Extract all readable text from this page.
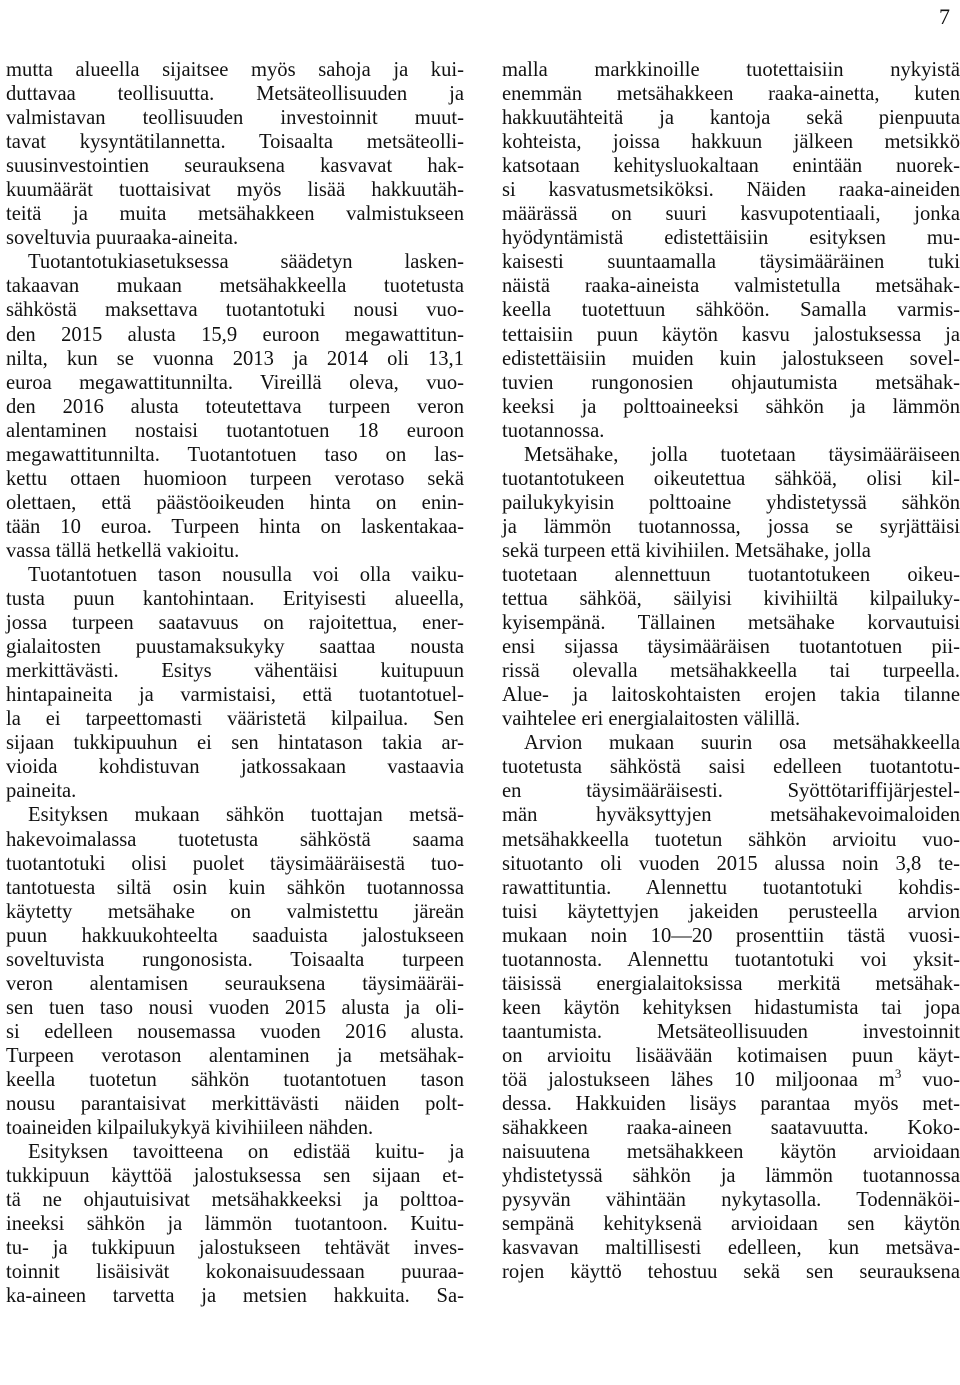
7
mutta alueella sijaitsee myös sahoja ja kui-
duttavaa teollisuutta. Metsäteollisuuden ja
valmistavan teollisuuden investoinnit muut-
tavat kysyntätilannetta. Toisaalta metsäteolli-
suusinvestointien seurauksena kasvavat hak-
kuumäärät tuottaisivat myös lisää hakkuutäh-
teitä ja muita metsähakkeen valmistukseen
soveltuvia puuraaka-aineita.
Tuotantotukiasetuksessa säädetyn lasken-
takaavan mukaan metsähakkeella tuotetusta
sähköstä maksettava tuotantotuki nousi vuo-
den 2015 alusta 15,9 euroon megawattitun-
nilta, kun se vuonna 2013 ja 2014 oli 13,1
euroa megawattitunnilta. Vireillä oleva, vuo-
den 2016 alusta toteutettava turpeen veron
alentaminen nostaisi tuotantotuen 18 euroon
megawattitunnilta. Tuotantotuen taso on las-
kettu ottaen huomioon turpeen verotaso sekä
olettaen, että päästöoikeuden hinta on enin-
tään 10 euroa. Turpeen hinta on laskentakaa-
vassa tällä hetkellä vakioitu.
Tuotantotuen tason nousulla voi olla vaiku-
tusta puun kantohintaan. Erityisesti alueella,
jossa turpeen saatavuus on rajoitettua, ener-
gialaitosten puustamaksukyky saattaa nousta
merkittävästi. Esitys vähentäisi kuitupuun
hintapaineita ja varmistaisi, että tuotantotuel-
la ei tarpeettomasti vääristetä kilpailua. Sen
sijaan tukkipuuhun ei sen hintatason takia ar-
vioida kohdistuvan jatkossakaan vastaavia
paineita.
Esityksen mukaan sähkön tuottajan metsä-
hakevoimalassa tuotetusta sähköstä saama
tuotantotuki olisi puolet täysimääräisestä tuo-
tantotuesta siltä osin kuin sähkön tuotannossa
käytetty metsähake on valmistettu järeän
puun hakkuukohteelta saaduista jalostukseen
soveltuvista rungonosista. Toisaalta turpeen
veron alentamisen seurauksena täysimääräi-
sen tuen taso nousi vuoden 2015 alusta ja oli-
si edelleen nousemassa vuoden 2016 alusta.
Turpeen verotason alentaminen ja metsähak-
keella tuotetun sähkön tuotantotuen tason
nousu parantaisivat merkittävästi näiden polt-
toaineiden kilpailukykyä kivihiileen nähden.
Esityksen tavoitteena on edistää kuitu- ja
tukkipuun käyttöä jalostuksessa sen sijaan et-
tä ne ohjautuisivat metsähakkeeksi ja polttoa-
ineeksi sähkön ja lämmön tuotantoon. Kuitu-
tu- ja tukkipuun jalostukseen tehtävät inves-
toinnit lisäisivät kokonaisuudessaan puuraa-
ka-aineen tarvetta ja metsien hakkuita. Sa-
malla markkinoille tuotettaisiin nykyistä
enemmän metsähakkeen raaka-ainetta, kuten
hakkuutähteitä ja kantoja sekä pienpuuta
kohteista, joissa hakkuun jälkeen metsikkö
katsotaan kehitysluokaltaan enintään nuorek-
si kasvatusmetsiköksi. Näiden raaka-aineiden
määrässä on suuri kasvupotentiaali, jonka
hyödyntämistä edistettäisiin esityksen mu-
kaisesti suuntaamalla täysimääräinen tuki
näistä raaka-aineista valmistetulla metsähak-
keella tuotettuun sähköön. Samalla varmis-
tettaisiin puun käytön kasvu jalostuksessa ja
edistettäisiin muiden kuin jalostukseen sovel-
tuvien rungonosien ohjautumista metsähak-
keeksi ja polttoaineeksi sähkön ja lämmön
tuotannossa.
Metsähake, jolla tuotetaan täysimääräiseen
tuotantotukeen oikeutettua sähköä, olisi kil-
pailukykyisin polttoaine yhdistetyssä sähkön
ja lämmön tuotannossa, jossa se syrjättäisi
sekä turpeen että kivihiilen. Metsähake, jolla
tuotetaan alennettuun tuotantotukeen oikeu-
tettua sähköä, säilyisi kivihiiltä kilpailuky-
kyisempänä. Tällainen metsähake korvautuisi
ensi sijassa täysimääräisen tuotantotuen pii-
rissä olevalla metsähakkeella tai turpeella.
Alue- ja laitoskohtaisten erojen takia tilanne
vaihtelee eri energialaitosten välillä.
Arvion mukaan suurin osa metsähakkeella
tuotetusta sähköstä saisi edelleen tuotantotu-
en täysimääräisesti. Syöttötariffijärjestel-
män hyväksyttyjen metsähakevoimaloiden
metsähakkeella tuotetun sähkön arvioitu vuo-
situotanto oli vuoden 2015 alussa noin 3,8 te-
rawattituntia. Alennettu tuotantotuki kohdis-
tuisi käytettyjen jakeiden perusteella arvion
mukaan noin 10—20 prosenttiin tästä vuosi-
tuotannosta. Alennettu tuotantotuki voi yksit-
täisissä energialaitoksissa merkitä metsähak-
keen käytön kehityksen hidastumista tai jopa
taantumista. Metsäteollisuuden investoinnit
on arvioitu lisäävään kotimaisen puun käyt-
töä jalostukseen lähes 10 miljoonaa $m^3$ vuo-
dessa. Hakkuiden lisäys parantaa myös met-
sähakkeen raaka-aineen saatavuutta. Koko-
naisuutena metsähakkeen käytön arvioidaan
yhdistetyssä sähkön ja lämmön tuotannossa
pysyvän vähintään nykytasolla. Todennäköi-
sempänä kehityksenä arvioidaan sen käytön
kasvavan maltillisesti edelleen, kun metsäva-
rojen käyttö tehostuu sekä sen seurauksena
